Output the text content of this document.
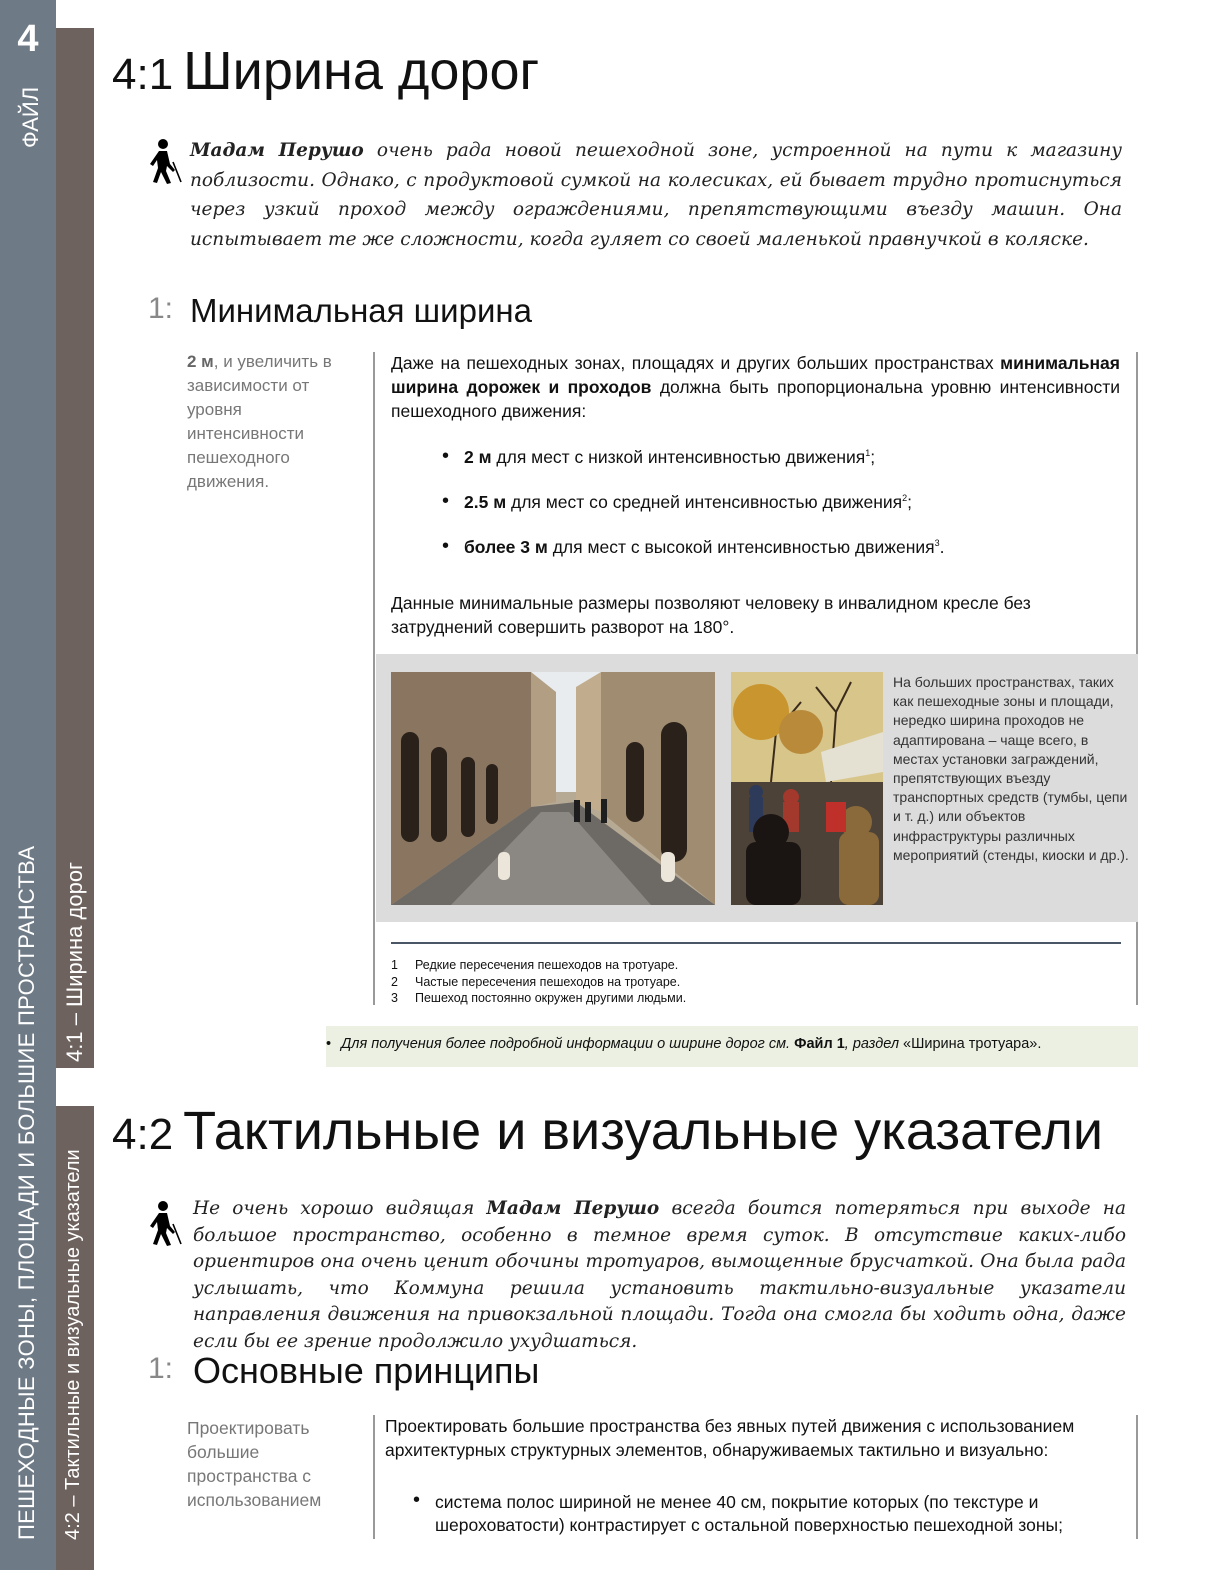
4
ФАЙЛ
ПЕШЕХОДНЫЕ ЗОНЫ, ПЛОЩАДИ И БОЛЬШИЕ ПРОСТРАНСТВА 4:1 – Ширина дорог
4:2 – Тактильные и визуальные указатели
4:1 Ширина дорог

Мадам Перушо очень рада новой пешеходной зоне, устроенной на пути к магазину поблизости. Однако, с продуктовой сумкой на колесиках, ей бывает трудно протиснуться через узкий проход между ограждениями, препятствующими въезду машин. Она испытывает те же сложности, когда гуляет со своей маленькой правнучкой в коляске.

1: Минимальная ширина
2 м, и увеличить в зависимости от уровня интенсивности пешеходного движения.

Даже на пешеходных зонах, площадях и других больших пространствах минимальная ширина дорожек и проходов должна быть пропорциональна уровню интенсивности пешеходного движения:

• 2 м для мест с низкой интенсивностью движения$^1$;
• 2.5 м для мест со средней интенсивностью движения$^2$;
• более 3 м для мест с высокой интенсивностью движения$^3$.

Данные минимальные размеры позволяют человеку в инвалидном кресле без затруднений совершить разворот на 180°.

На больших пространствах, таких как пешеходные зоны и площади, нередко ширина проходов не адаптирована – чаще всего, в местах установки заграждений, препятствующих въезду транспортных средств (тумбы, цепи и т. д.) или объектов инфраструктуры различных мероприятий (стенды, киоски и др.).
1 Редкие пересечения пешеходов на тротуаре.
2 Частые пересечения пешеходов на тротуаре.
3 Пешеход постоянно окружен другими людьми.
• Для получения более подробной информации о ширине дорог см. Файл 1, раздел «Ширина тротуара».
4:2 Тактильные и визуальные указатели

Не очень хорошо видящая Мадам Перушо всегда боится потеряться при выходе на большое пространство, особенно в темное время суток. В отсутствие каких-либо ориентиров она очень ценит обочины тротуаров, вымощенные брусчаткой. Она была рада услышать, что Коммуна решила установить тактильно-визуальные указатели направления движения на привокзальной площади. Тогда она смогла бы ходить одна, даже если бы ее зрение продолжило ухудшаться.

1: Основные принципы
Проектировать большие пространства с использованием

Проектировать большие пространства без явных путей движения с использованием архитектурных структурных элементов, обнаруживаемых тактильно и визуально:

• система полос шириной не менее 40 см, покрытие которых (по текстуре и шероховатости) контрастирует с остальной поверхностью пешеходной зоны;
